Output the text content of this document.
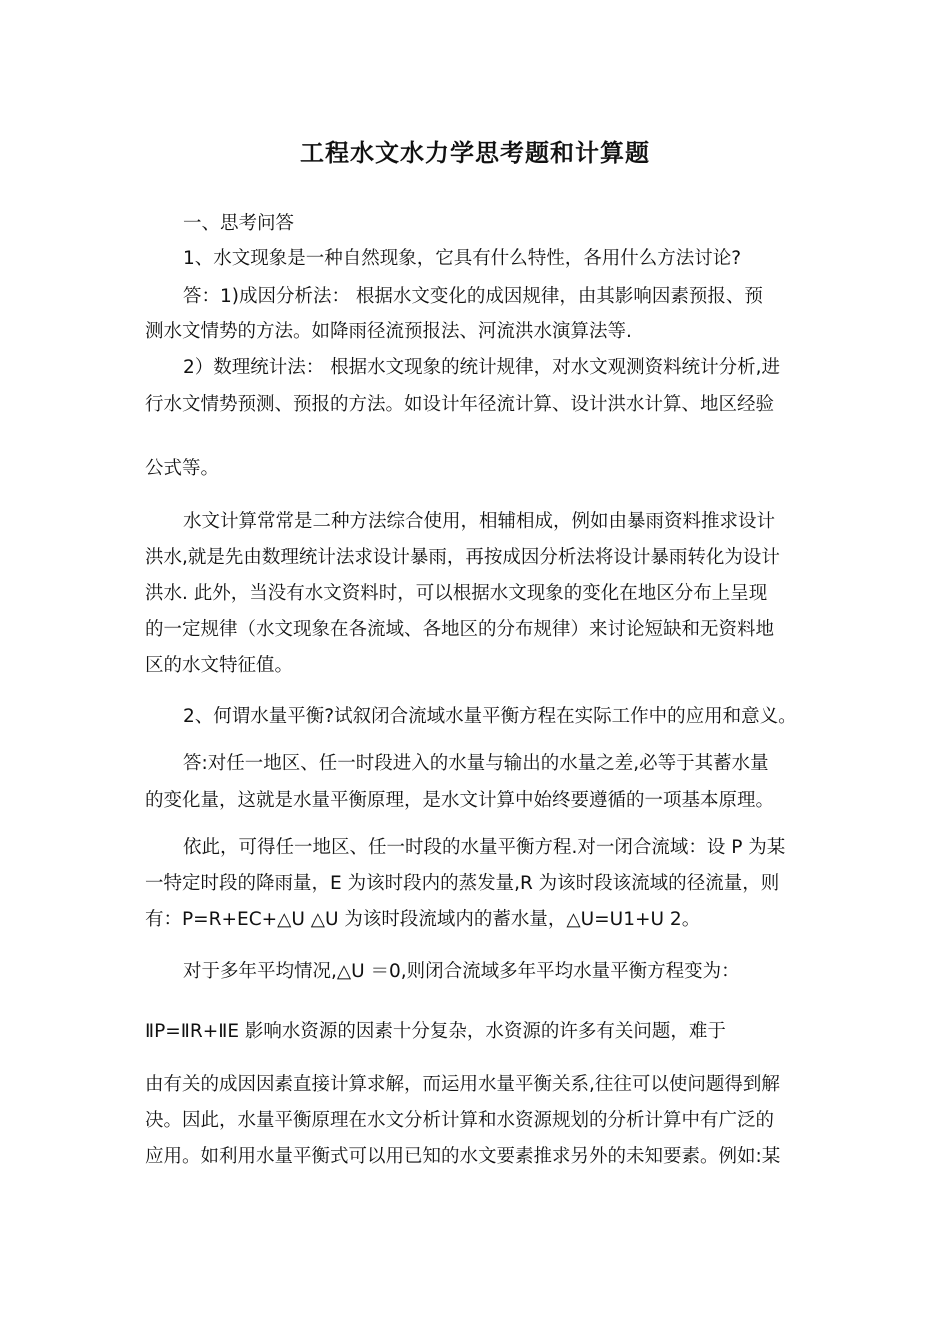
工程水文水力学思考题和计算题
一、思考问答
1、水文现象是一种自然现象，它具有什么特性，各用什么方法讨论?
答：1)成因分析法： 根据水文变化的成因规律，由其影响因素预报、预
测水文情势的方法。如降雨径流预报法、河流洪水演算法等.
2）数理统计法： 根据水文现象的统计规律，对水文观测资料统计分析,进
行水文情势预测、预报的方法。如设计年径流计算、设计洪水计算、地区经验
公式等。
水文计算常常是二种方法综合使用，相辅相成，例如由暴雨资料推求设计
洪水,就是先由数理统计法求设计暴雨，再按成因分析法将设计暴雨转化为设计
洪水. 此外，当没有水文资料时，可以根据水文现象的变化在地区分布上呈现
的一定规律（水文现象在各流域、各地区的分布规律）来讨论短缺和无资料地
区的水文特征值。
2、何谓水量平衡?试叙闭合流域水量平衡方程在实际工作中的应用和意义。
答:对任一地区、任一时段进入的水量与输出的水量之差,必等于其蓄水量
的变化量，这就是水量平衡原理，是水文计算中始终要遵循的一项基本原理。
依此，可得任一地区、任一时段的水量平衡方程.对一闭合流域：设 P 为某
一特定时段的降雨量，E 为该时段内的蒸发量,R 为该时段该流域的径流量，则
有：P=R+EC+△U △U 为该时段流域内的蓄水量，△U=U1+U 2。
对于多年平均情况,△U ＝0,则闭合流域多年平均水量平衡方程变为：
ⅡP=ⅡR+ⅡE 影响水资源的因素十分复杂，水资源的许多有关问题，难于
由有关的成因因素直接计算求解，而运用水量平衡关系,往往可以使问题得到解
决。因此，水量平衡原理在水文分析计算和水资源规划的分析计算中有广泛的
应用。如利用水量平衡式可以用已知的水文要素推求另外的未知要素。例如:某
